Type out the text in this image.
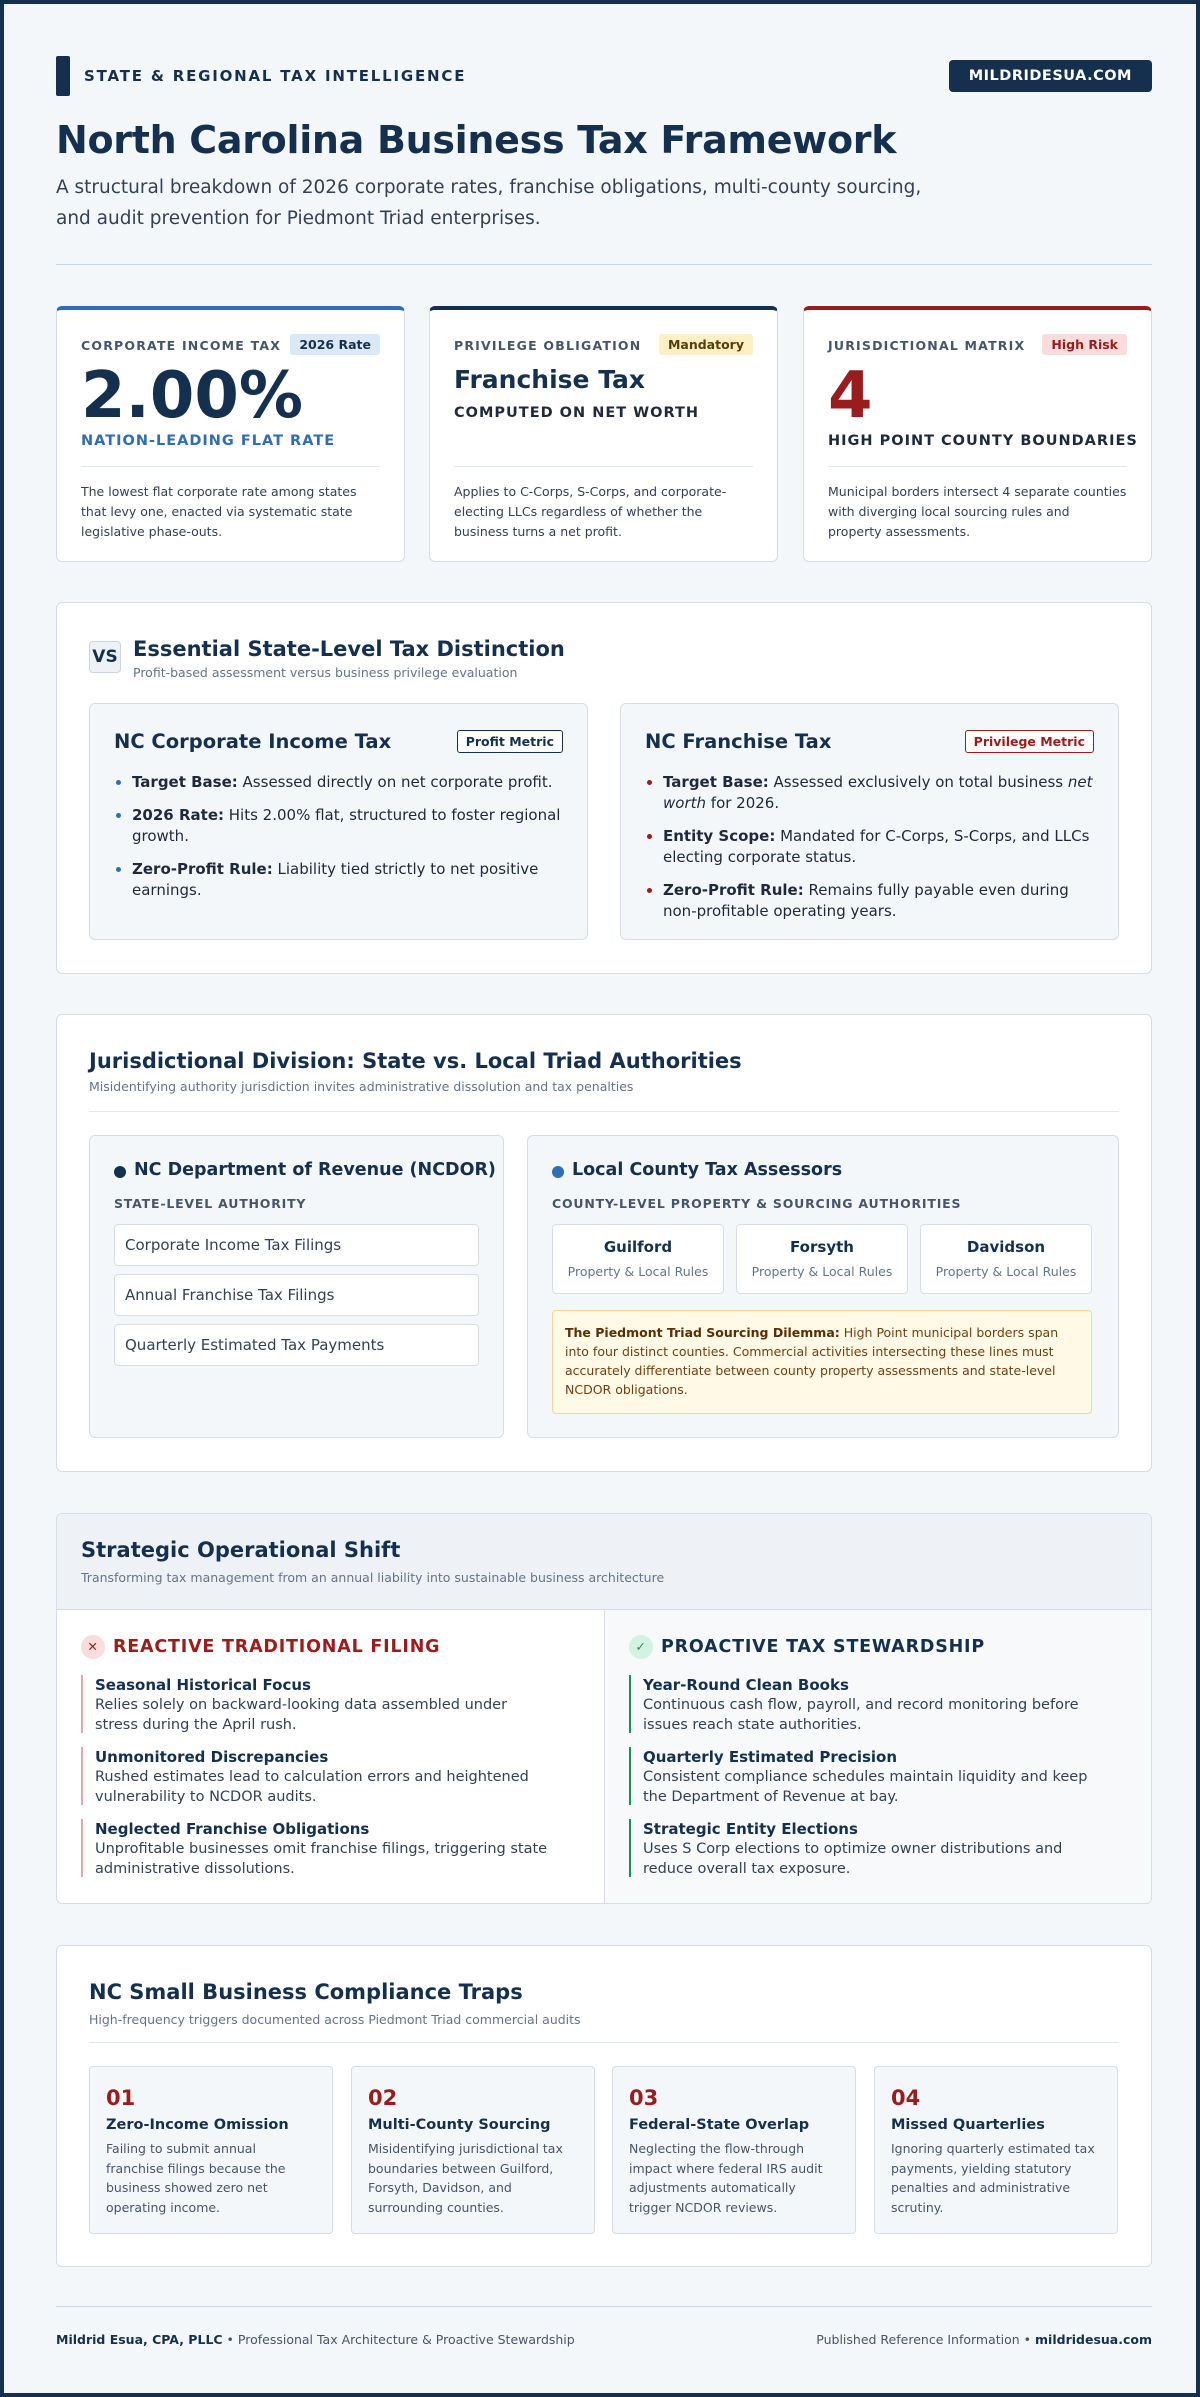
STATE & REGIONAL TAX INTELLIGENCE	MILDRIDESUA.COM
North Carolina Business Tax Framework
A structural breakdown of 2026 corporate rates, franchise obligations, multi-county sourcing, and audit prevention for Piedmont Triad enterprises.
CORPORATE INCOME TAX	2026 Rate
2.00%
NATION-LEADING FLAT RATE
The lowest flat corporate rate among states that levy one, enacted via systematic state legislative phase-outs.
PRIVILEGE OBLIGATION	Mandatory
Franchise Tax
COMPUTED ON NET WORTH
Applies to C-Corps, S-Corps, and corporate-electing LLCs regardless of whether the business turns a net profit.
JURISDICTIONAL MATRIX	High Risk
4
HIGH POINT COUNTY BOUNDARIES
Municipal borders intersect 4 separate counties with diverging local sourcing rules and property assessments.
VS Essential State-Level Tax Distinction
Profit-based assessment versus business privilege evaluation
NC Corporate Income Tax	Profit Metric
Target Base: Assessed directly on net corporate profit.
2026 Rate: Hits 2.00% flat, structured to foster regional growth.
Zero-Profit Rule: Liability tied strictly to net positive earnings.
NC Franchise Tax	Privilege Metric
Target Base: Assessed exclusively on total business net worth for 2026.
Entity Scope: Mandated for C-Corps, S-Corps, and LLCs electing corporate status.
Zero-Profit Rule: Remains fully payable even during non-profitable operating years.
Jurisdictional Division: State vs. Local Triad Authorities
Misidentifying authority jurisdiction invites administrative dissolution and tax penalties
NC Department of Revenue (NCDOR)
STATE-LEVEL AUTHORITY
Corporate Income Tax Filings
Annual Franchise Tax Filings
Quarterly Estimated Tax Payments
Local County Tax Assessors
COUNTY-LEVEL PROPERTY & SOURCING AUTHORITIES
Guilford
Property & Local Rules
Forsyth
Property & Local Rules
Davidson
Property & Local Rules
The Piedmont Triad Sourcing Dilemma: High Point municipal borders span into four distinct counties. Commercial activities intersecting these lines must accurately differentiate between county property assessments and state-level NCDOR obligations.
Strategic Operational Shift
Transforming tax management from an annual liability into sustainable business architecture
✕ REACTIVE TRADITIONAL FILING
Seasonal Historical Focus
Relies solely on backward-looking data assembled under stress during the April rush.
Unmonitored Discrepancies
Rushed estimates lead to calculation errors and heightened vulnerability to NCDOR audits.
Neglected Franchise Obligations
Unprofitable businesses omit franchise filings, triggering state administrative dissolutions.
✓ PROACTIVE TAX STEWARDSHIP
Year-Round Clean Books
Continuous cash flow, payroll, and record monitoring before issues reach state authorities.
Quarterly Estimated Precision
Consistent compliance schedules maintain liquidity and keep the Department of Revenue at bay.
Strategic Entity Elections
Uses S Corp elections to optimize owner distributions and reduce overall tax exposure.
NC Small Business Compliance Traps
High-frequency triggers documented across Piedmont Triad commercial audits
01
Zero-Income Omission
Failing to submit annual franchise filings because the business showed zero net operating income.
02
Multi-County Sourcing
Misidentifying jurisdictional tax boundaries between Guilford, Forsyth, Davidson, and surrounding counties.
03
Federal-State Overlap
Neglecting the flow-through impact where federal IRS audit adjustments automatically trigger NCDOR reviews.
04
Missed Quarterlies
Ignoring quarterly estimated tax payments, yielding statutory penalties and administrative scrutiny.
Mildrid Esua, CPA, PLLC • Professional Tax Architecture & Proactive Stewardship	Published Reference Information • mildridesua.com
